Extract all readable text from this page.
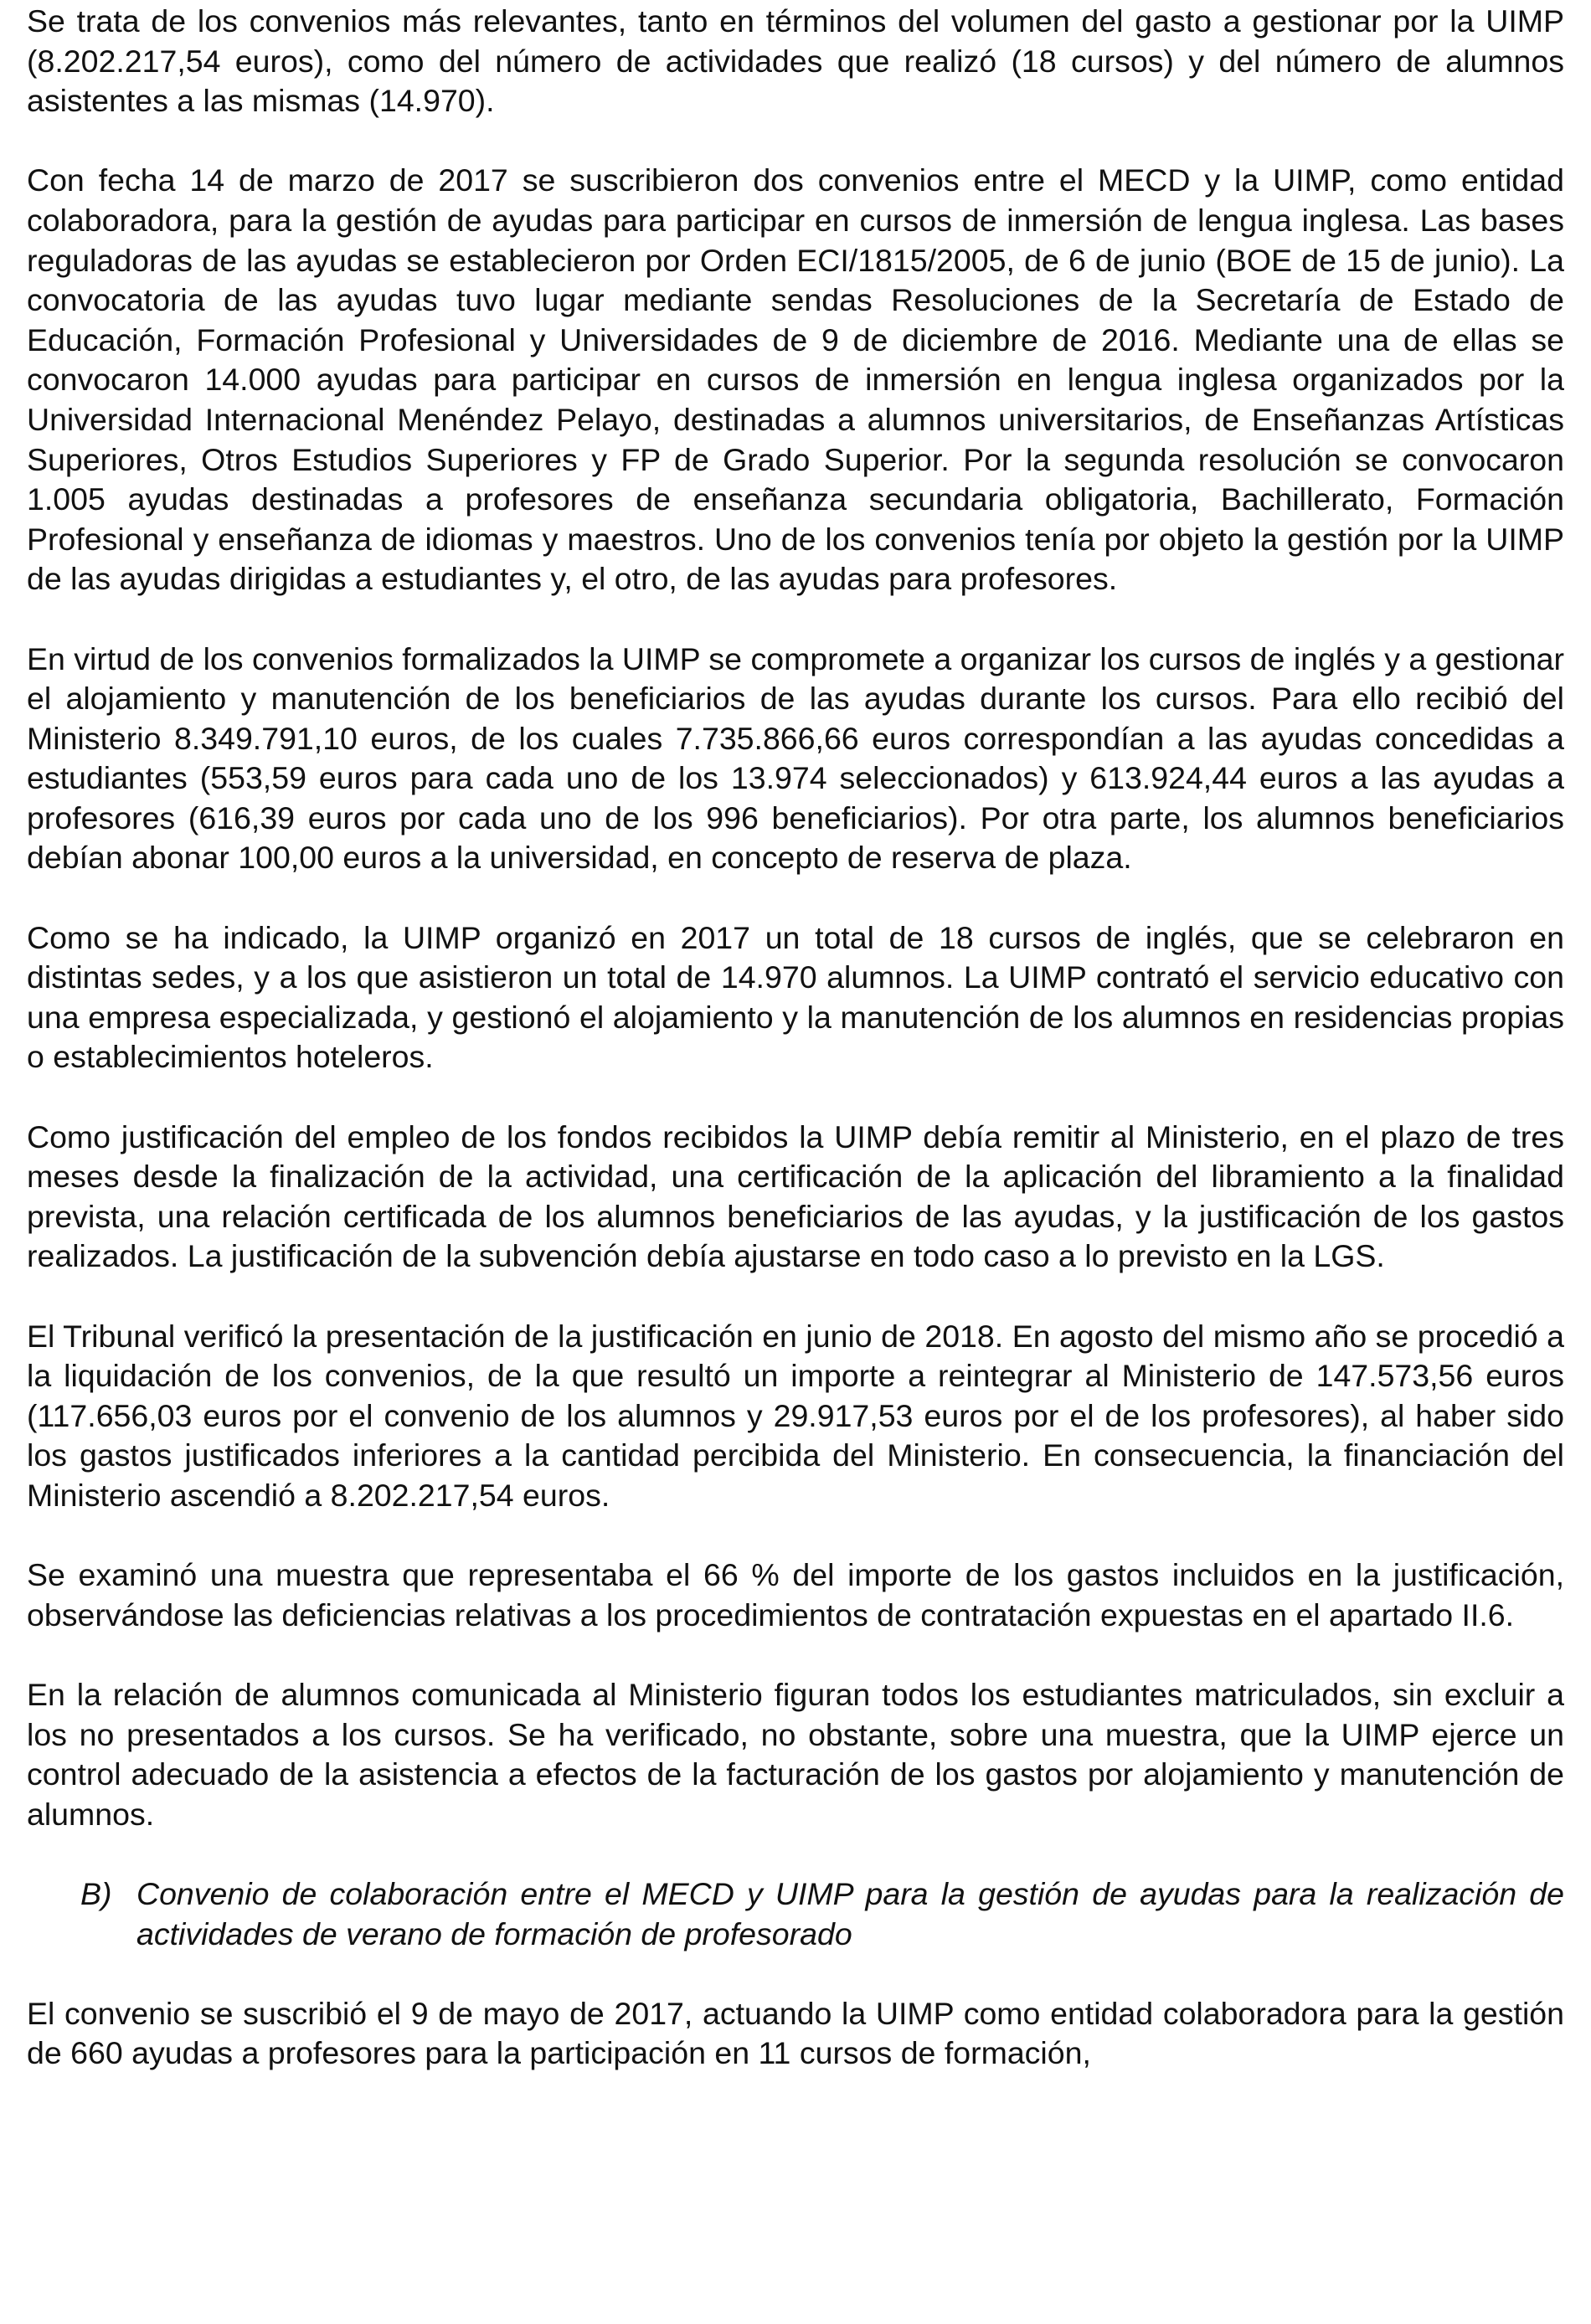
Se trata de los convenios más relevantes, tanto en términos del volumen del gasto a gestionar por la UIMP (8.202.217,54 euros), como del número de actividades que realizó (18 cursos) y del número de alumnos asistentes a las mismas (14.970).

Con fecha 14 de marzo de 2017 se suscribieron dos convenios entre el MECD y la UIMP, como entidad colaboradora, para la gestión de ayudas para participar en cursos de inmersión de lengua inglesa. Las bases reguladoras de las ayudas se establecieron por Orden ECI/1815/2005, de 6 de junio (BOE de 15 de junio). La convocatoria de las ayudas tuvo lugar mediante sendas Resoluciones de la Secretaría de Estado de Educación, Formación Profesional y Universidades de 9 de diciembre de 2016. Mediante una de ellas se convocaron 14.000 ayudas para participar en cursos de inmersión en lengua inglesa organizados por la Universidad Internacional Menéndez Pelayo, destinadas a alumnos universitarios, de Enseñanzas Artísticas Superiores, Otros Estudios Superiores y FP de Grado Superior. Por la segunda resolución se convocaron 1.005 ayudas destinadas a profesores de enseñanza secundaria obligatoria, Bachillerato, Formación Profesional y enseñanza de idiomas y maestros. Uno de los convenios tenía por objeto la gestión por la UIMP de las ayudas dirigidas a estudiantes y, el otro, de las ayudas para profesores.

En virtud de los convenios formalizados la UIMP se compromete a organizar los cursos de inglés y a gestionar el alojamiento y manutención de los beneficiarios de las ayudas durante los cursos. Para ello recibió del Ministerio 8.349.791,10 euros, de los cuales 7.735.866,66 euros correspondían a las ayudas concedidas a estudiantes (553,59 euros para cada uno de los 13.974 seleccionados) y 613.924,44 euros a las ayudas a profesores (616,39 euros por cada uno de los 996 beneficiarios). Por otra parte, los alumnos beneficiarios debían abonar 100,00 euros a la universidad, en concepto de reserva de plaza.

Como se ha indicado, la UIMP organizó en 2017 un total de 18 cursos de inglés, que se celebraron en distintas sedes, y a los que asistieron un total de 14.970 alumnos. La UIMP contrató el servicio educativo con una empresa especializada, y gestionó el alojamiento y la manutención de los alumnos en residencias propias o establecimientos hoteleros.

Como justificación del empleo de los fondos recibidos la UIMP debía remitir al Ministerio, en el plazo de tres meses desde la finalización de la actividad, una certificación de la aplicación del libramiento a la finalidad prevista, una relación certificada de los alumnos beneficiarios de las ayudas, y la justificación de los gastos realizados. La justificación de la subvención debía ajustarse en todo caso a lo previsto en la LGS.

El Tribunal verificó la presentación de la justificación en junio de 2018. En agosto del mismo año se procedió a la liquidación de los convenios, de la que resultó un importe a reintegrar al Ministerio de 147.573,56 euros (117.656,03 euros por el convenio de los alumnos y 29.917,53 euros por el de los profesores), al haber sido los gastos justificados inferiores a la cantidad percibida del Ministerio. En consecuencia, la financiación del Ministerio ascendió a 8.202.217,54 euros.

Se examinó una muestra que representaba el 66 % del importe de los gastos incluidos en la justificación, observándose las deficiencias relativas a los procedimientos de contratación expuestas en el apartado II.6.

En la relación de alumnos comunicada al Ministerio figuran todos los estudiantes matriculados, sin excluir a los no presentados a los cursos. Se ha verificado, no obstante, sobre una muestra, que la UIMP ejerce un control adecuado de la asistencia a efectos de la facturación de los gastos por alojamiento y manutención de alumnos.

B) Convenio de colaboración entre el MECD y UIMP para la gestión de ayudas para la realización de actividades de verano de formación de profesorado

El convenio se suscribió el 9 de mayo de 2017, actuando la UIMP como entidad colaboradora para la gestión de 660 ayudas a profesores para la participación en 11 cursos de formación,
